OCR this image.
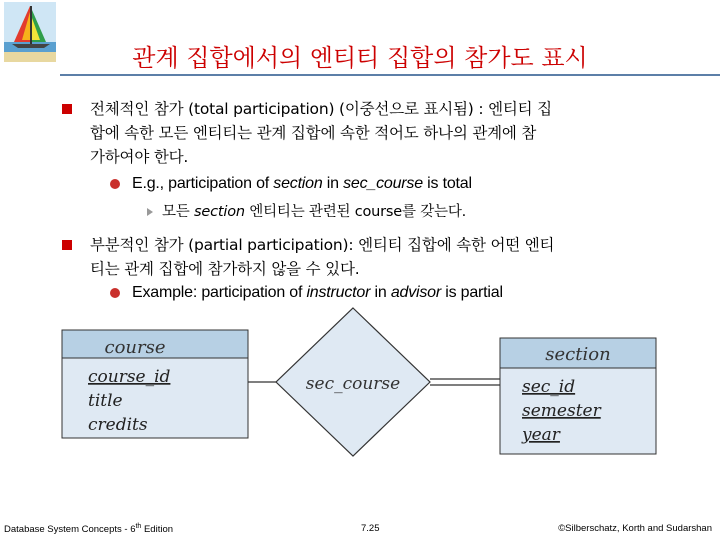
관계 집합에서의 엔티티 집합의 참가도 표시
전체적인 참가 (total participation) (이중선으로 표시됨) : 엔티티 집
합에 속한 모든 엔티티는 관계 집합에 속한 적어도 하나의 관계에 참
가하여야 한다.
E.g., participation of section in sec_course is total
모든 section 엔티티는 관련된 course를 갖는다.
부분적인 참가 (partial participation): 엔티티 집합에 속한 어떤 엔티
티는 관계 집합에 참가하지 않을 수 있다.
Example: participation of instructor in advisor is partial
course
course_id
title
credits
sec_course
section
sec_id
semester
year
Database System Concepts - 6th Edition	7.25	©Silberschatz, Korth and Sudarshan
